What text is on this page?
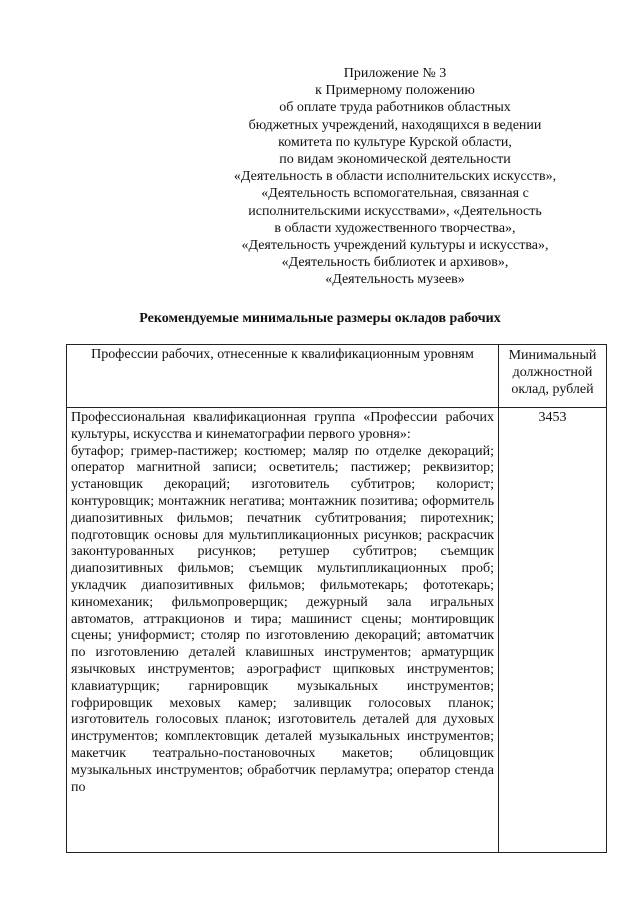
Приложение № 3
к Примерному положению
об оплате труда работников областных
бюджетных учреждений, находящихся в ведении
комитета по культуре Курской области,
по видам экономической деятельности
«Деятельность в области исполнительских искусств»,
«Деятельность вспомогательная, связанная с
исполнительскими искусствами», «Деятельность
в области художественного творчества»,
«Деятельность учреждений культуры и искусства»,
«Деятельность библиотек и архивов»,
«Деятельность музеев»
Рекомендуемые минимальные размеры окладов рабочих
Профессии рабочих, отнесенные к квалификационным уровням	Минимальный должностной оклад, рублей

Профессиональная квалификационная группа «Профессии рабочих культуры, искусства и кинематографии первого уровня»:
бутафор; гример-пастижер; костюмер; маляр по отделке декораций; оператор магнитной записи; осветитель; пастижер; реквизитор; установщик декораций; изготовитель субтитров; колорист; контуровщик; монтажник негатива; монтажник позитива; оформитель диапозитивных фильмов; печатник субтитрования; пиротехник; подготовщик основы для мультипликационных рисунков; раскрасчик законтурованных рисунков; ретушер субтитров; съемщик диапозитивных фильмов; съемщик мультипликационных проб; укладчик диапозитивных фильмов; фильмотекарь; фототекарь; киномеханик; фильмопроверщик; дежурный зала игральных автоматов, аттракционов и тира; машинист сцены; монтировщик сцены; униформист; столяр по изготовлению декораций; автоматчик по изготовлению деталей клавишных инструментов; арматурщик язычковых инструментов; аэрографист щипковых инструментов; клавиатурщик; гарнировщик музыкальных инструментов; гофрировщик меховых камер; заливщик голосовых планок; изготовитель голосовых планок; изготовитель деталей для духовых инструментов; комплектовщик деталей музыкальных инструментов; макетчик театрально-постановочных макетов; облицовщик музыкальных инструментов; обработчик перламутра; оператор стенда по	3453
